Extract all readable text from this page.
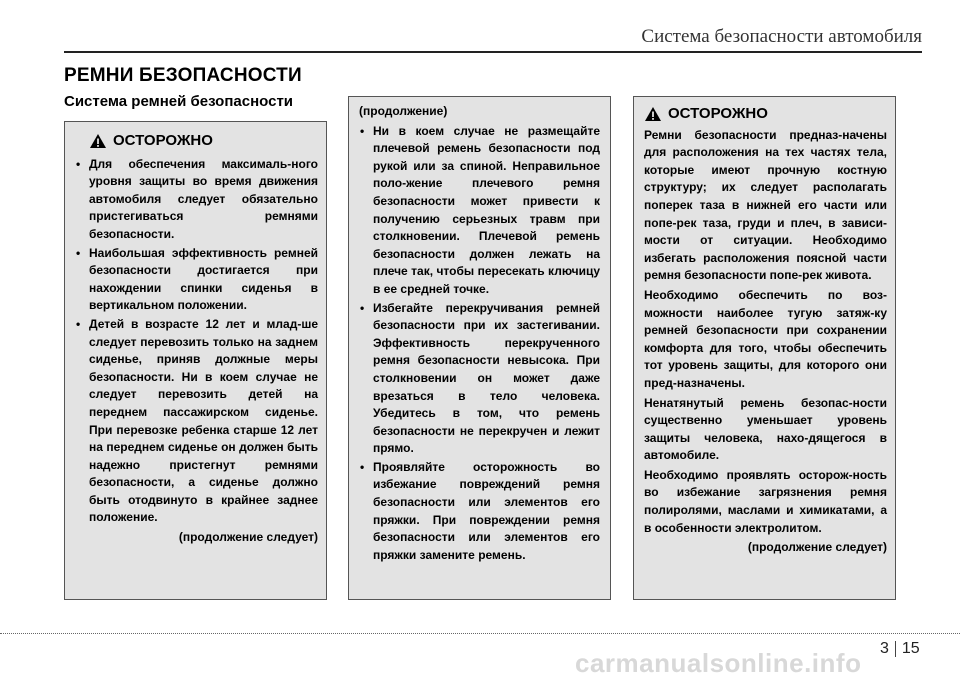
Система безопасности автомобиля
РЕМНИ БЕЗОПАСНОСТИ
Система ремней безопасности
ОСТОРОЖНО
• Для обеспечения максималь-ного уровня защиты во время движения автомобиля следует обязательно пристегиваться ремнями безопасности.
• Наибольшая эффективность ремней безопасности достигается при нахождении спинки сиденья в вертикальном положении.
• Детей в возрасте 12 лет и млад-ше следует перевозить только на заднем сиденье, приняв должные меры безопасности. Ни в коем случае не следует перевозить детей на переднем пассажирском сиденье. При перевозке ребенка старше 12 лет на переднем сиденье он должен быть надежно пристегнут ремнями безопасности, а сиденье должно быть отодвинуто в крайнее заднее положение.
(продолжение следует)
(продолжение)
• Ни в коем случае не размещайте плечевой ремень безопасности под рукой или за спиной. Неправильное поло-жение плечевого ремня безопасности может привести к получению серьезных травм при столкновении. Плечевой ремень безопасности должен лежать на плече так, чтобы пересекать ключицу в ее средней точке.
• Избегайте перекручивания ремней безопасности при их застегивании. Эффективность перекрученного ремня безопасности невысока. При столкновении он может даже врезаться в тело человека. Убедитесь в том, что ремень безопасности не перекручен и лежит прямо.
• Проявляйте осторожность во избежание повреждений ремня безопасности или элементов его пряжки. При повреждении ремня безопасности или элементов его пряжки замените ремень.
ОСТОРОЖНО

Ремни безопасности предназ-начены для расположения на тех частях тела, которые имеют прочную костную структуру; их следует располагать поперек таза в нижней его части или попе-рек таза, груди и плеч, в зависи-мости от ситуации. Необходимо избегать расположения поясной части ремня безопасности попе-рек живота.

Необходимо обеспечить по воз-можности наиболее тугую затяж-ку ремней безопасности при сохранении комфорта для того, чтобы обеспечить тот уровень защиты, для которого они пред-назначены.

Ненатянутый ремень безопас-ности существенно уменьшает уровень защиты человека, нахо-дящегося в автомобиле.

Необходимо проявлять осторож-ность во избежание загрязнения ремня полиролями, маслами и химикатами, а в особенности электролитом.

(продолжение следует)
3 15
carmanualsonline.info
